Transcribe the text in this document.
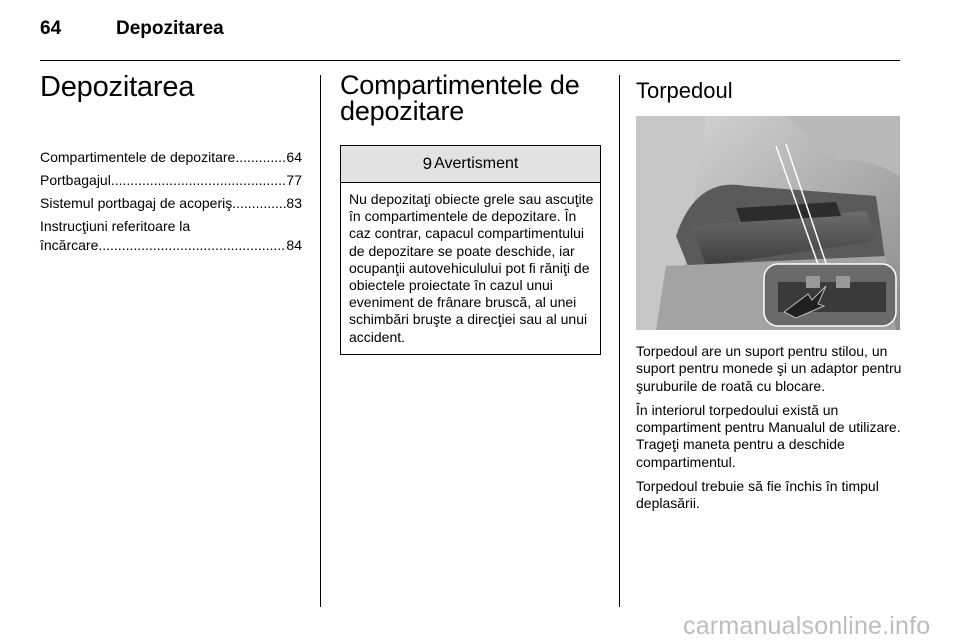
64	Depozitarea
Depozitarea
Compartimentele de depozitare .....	64
Portbagajul .....	77
Sistemul portbagaj de acoperiş .....	83
Instrucţiuni referitoare la
încărcare .....	84
Compartimentele de
depozitare
9 Avertisment
Nu depozitaţi obiecte grele sau ascuţite în compartimentele de depozitare. În caz contrar, capacul compartimentului de depozitare se poate deschide, iar ocupanţii autovehiculului pot fi răniţi de obiectele proiectate în cazul unui eveniment de frânare bruscă, al unei schimbări bruşte a direcţiei sau al unui accident.
Torpedoul

Torpedoul are un suport pentru stilou, un suport pentru monede şi un adaptor pentru şuruburile de roată cu blocare.

În interiorul torpedoului există un compartiment pentru Manualul de utilizare. Trageţi maneta pentru a deschide compartimentul.

Torpedoul trebuie să fie închis în timpul deplasării.

carmanualsonline.info
